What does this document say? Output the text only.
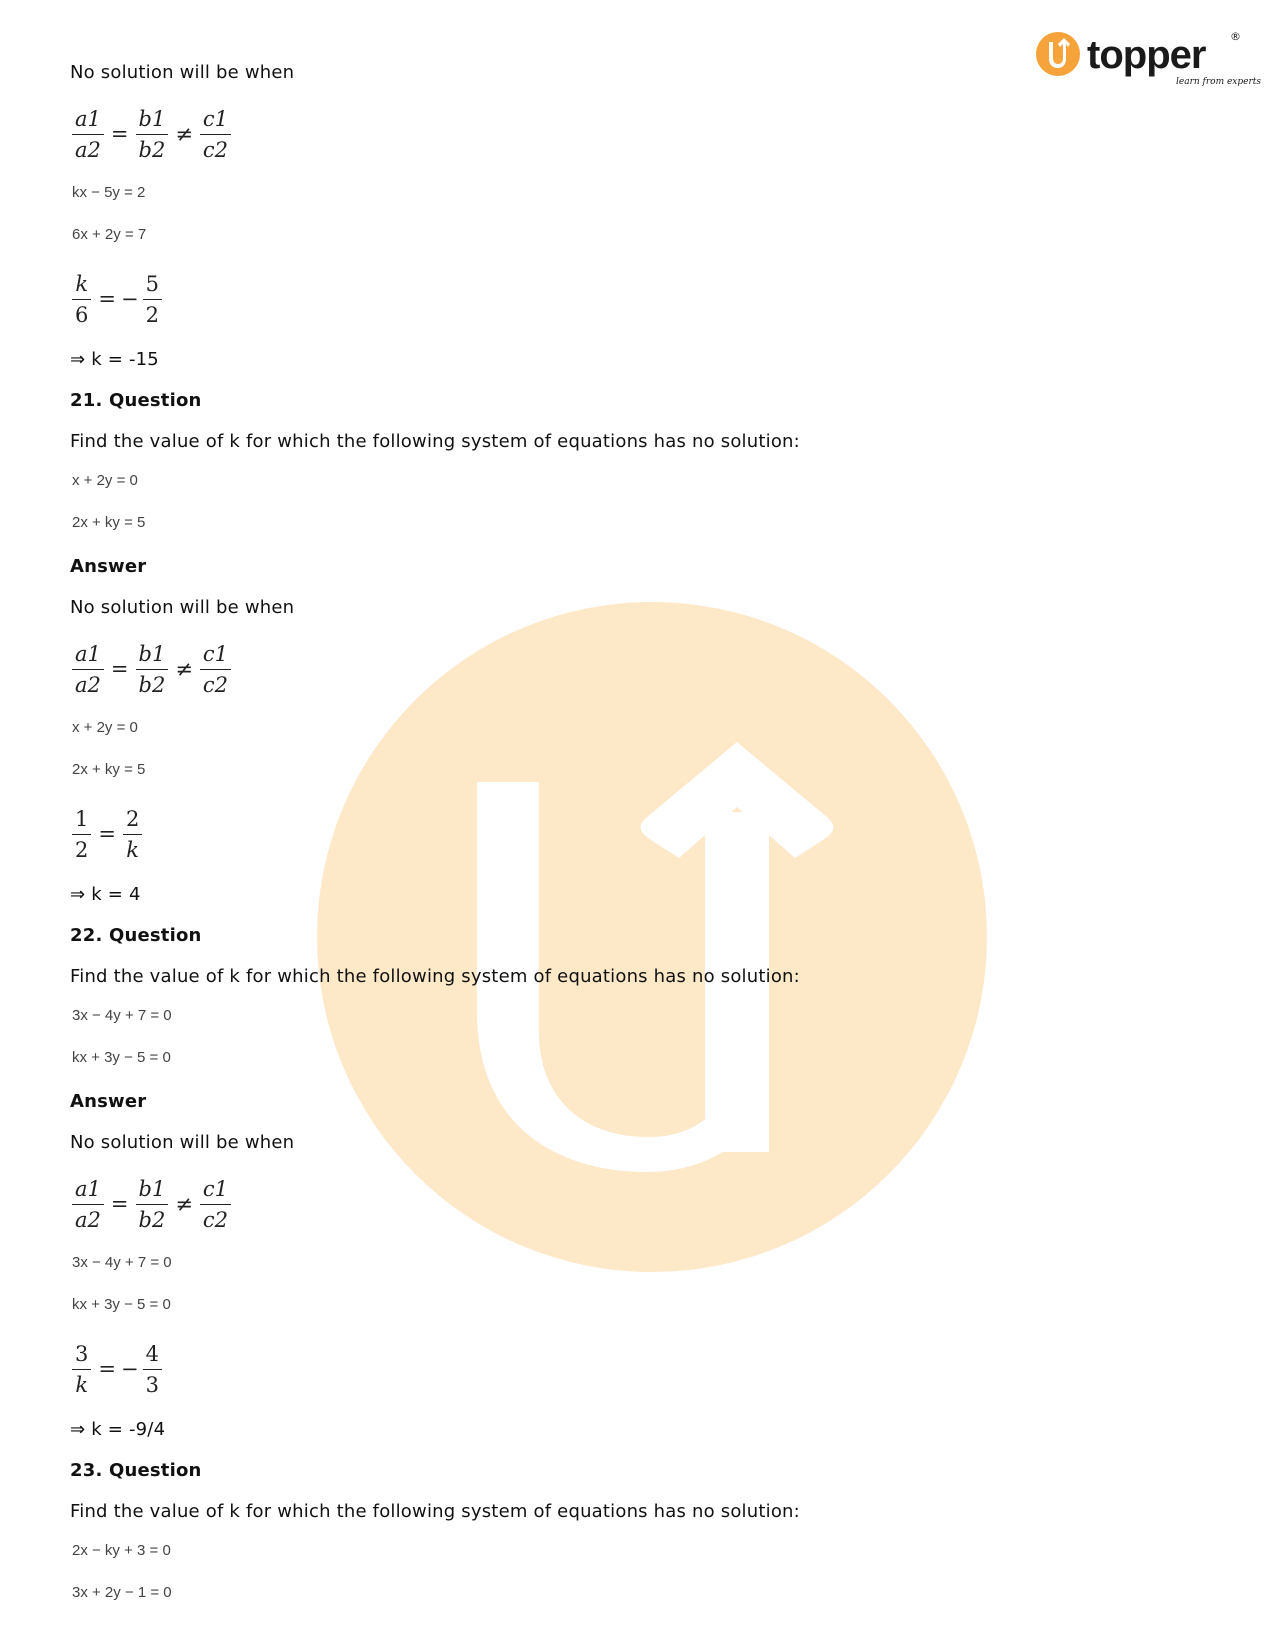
topper ®
learn from experts
No solution will be when
$\frac{a1}{a2} = \frac{b1}{b2} \ne \frac{c1}{c2}$
kx − 5y = 2
6x + 2y = 7
$\frac{k}{6}$ = − $\frac{5}{2}$
⇒ k = -15
21. Question
Find the value of k for which the following system of equations has no solution:
x + 2y = 0
2x + ky = 5
Answer
No solution will be when
$\frac{a1}{a2} = \frac{b1}{b2} \ne \frac{c1}{c2}$
x + 2y = 0
2x + ky = 5
$\frac{1}{2} = \frac{2}{k}$
⇒ k = 4
22. Question
Find the value of k for which the following system of equations has no solution:
3x − 4y + 7 = 0
kx + 3y − 5 = 0
Answer
No solution will be when
$\frac{a1}{a2} = \frac{b1}{b2} \ne \frac{c1}{c2}$
3x − 4y + 7 = 0
kx + 3y − 5 = 0
$\frac{3}{k}$ = − $\frac{4}{3}$
⇒ k = -9/4
23. Question
Find the value of k for which the following system of equations has no solution:
2x − ky + 3 = 0
3x + 2y − 1 = 0
